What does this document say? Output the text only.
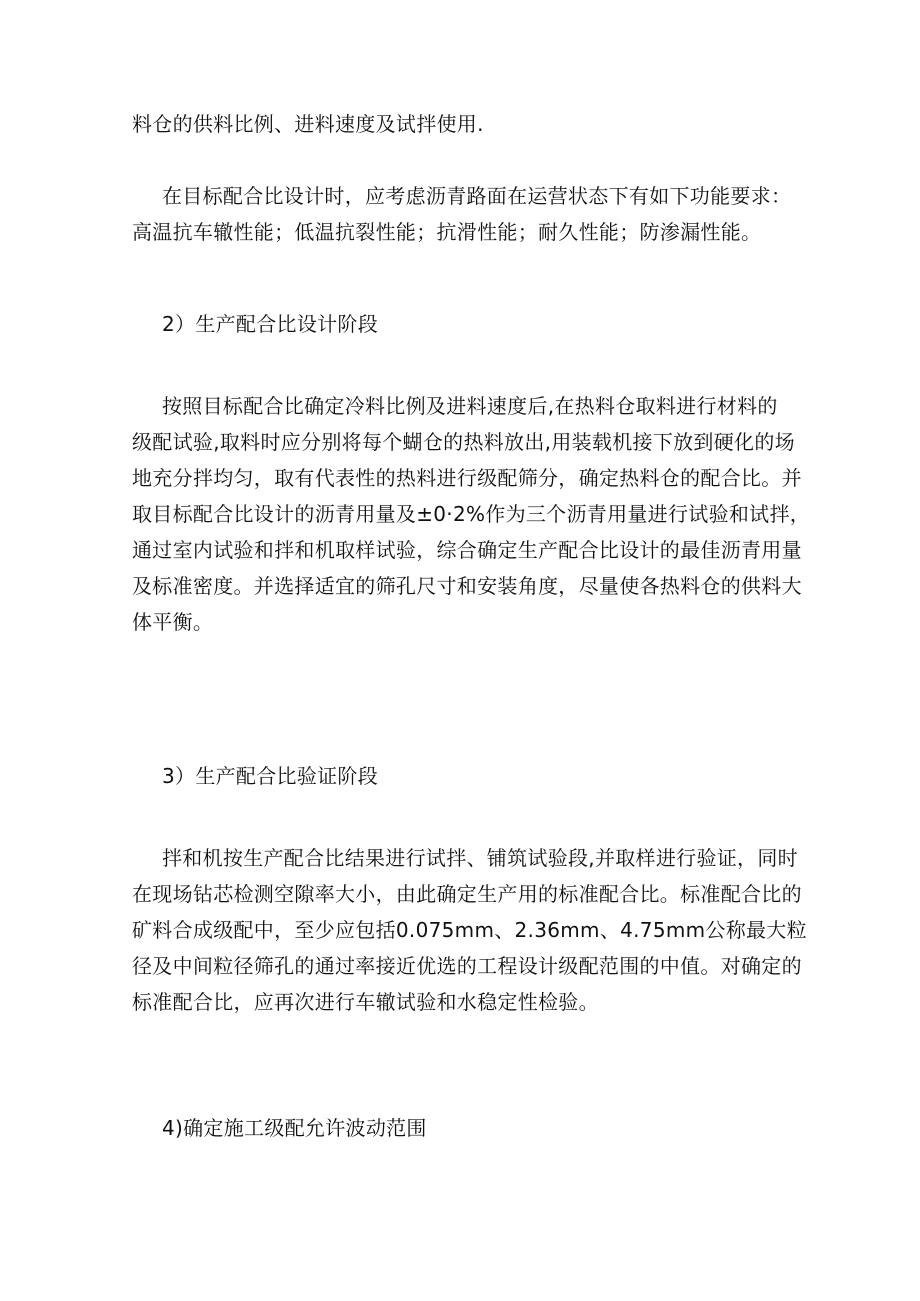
料仓的供料比例、进料速度及试拌使用.
在目标配合比设计时，应考虑沥青路面在运营状态下有如下功能要求：
高温抗车辙性能；低温抗裂性能；抗滑性能；耐久性能；防渗漏性能。
2）生产配合比设计阶段
按照目标配合比确定冷料比例及进料速度后,在热料仓取料进行材料的
级配试验,取料时应分别将每个蝴仓的热料放出,用装载机接下放到硬化的场
地充分拌均匀，取有代表性的热料进行级配筛分，确定热料仓的配合比。并
取目标配合比设计的沥青用量及±0·2%作为三个沥青用量进行试验和试拌，
通过室内试验和拌和机取样试验，综合确定生产配合比设计的最佳沥青用量
及标准密度。并选择适宜的筛孔尺寸和安装角度，尽量使各热料仓的供料大
体平衡。
3）生产配合比验证阶段
拌和机按生产配合比结果进行试拌、铺筑试验段,并取样进行验证，同时
在现场钻芯检测空隙率大小，由此确定生产用的标准配合比。标准配合比的
矿料合成级配中，至少应包括0.075mm、2.36mm、4.75mm公称最大粒
径及中间粒径筛孔的通过率接近优选的工程设计级配范围的中值。对确定的
标准配合比，应再次进行车辙试验和水稳定性检验。
4)确定施工级配允许波动范围
